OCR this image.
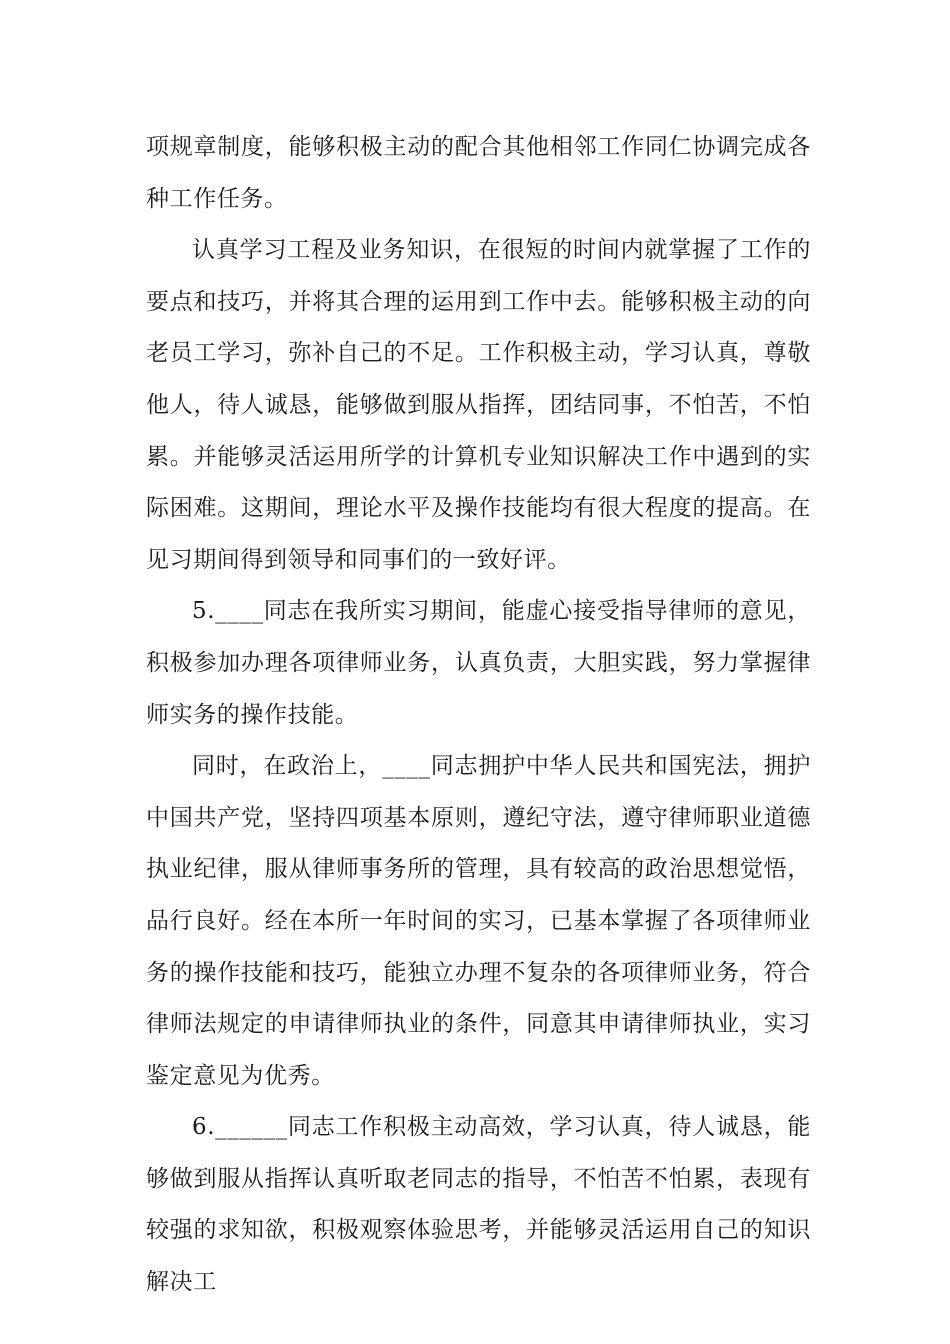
项规章制度，能够积极主动的配合其他相邻工作同仁协调完成各种工作任务。

认真学习工程及业务知识，在很短的时间内就掌握了工作的要点和技巧，并将其合理的运用到工作中去。能够积极主动的向老员工学习，弥补自己的不足。工作积极主动，学习认真，尊敬他人，待人诚恳，能够做到服从指挥，团结同事，不怕苦，不怕累。并能够灵活运用所学的计算机专业知识解决工作中遇到的实际困难。这期间，理论水平及操作技能均有很大程度的提高。在见习期间得到领导和同事们的一致好评。

5.____同志在我所实习期间，能虚心接受指导律师的意见，积极参加办理各项律师业务，认真负责，大胆实践，努力掌握律师实务的操作技能。

同时，在政治上，____同志拥护中华人民共和国宪法，拥护中国共产党，坚持四项基本原则，遵纪守法，遵守律师职业道德执业纪律，服从律师事务所的管理，具有较高的政治思想觉悟，品行良好。经在本所一年时间的实习，已基本掌握了各项律师业务的操作技能和技巧，能独立办理不复杂的各项律师业务，符合律师法规定的申请律师执业的条件，同意其申请律师执业，实习鉴定意见为优秀。

6.______同志工作积极主动高效，学习认真，待人诚恳，能够做到服从指挥认真听取老同志的指导，不怕苦不怕累，表现有较强的求知欲，积极观察体验思考，并能够灵活运用自己的知识解决工
